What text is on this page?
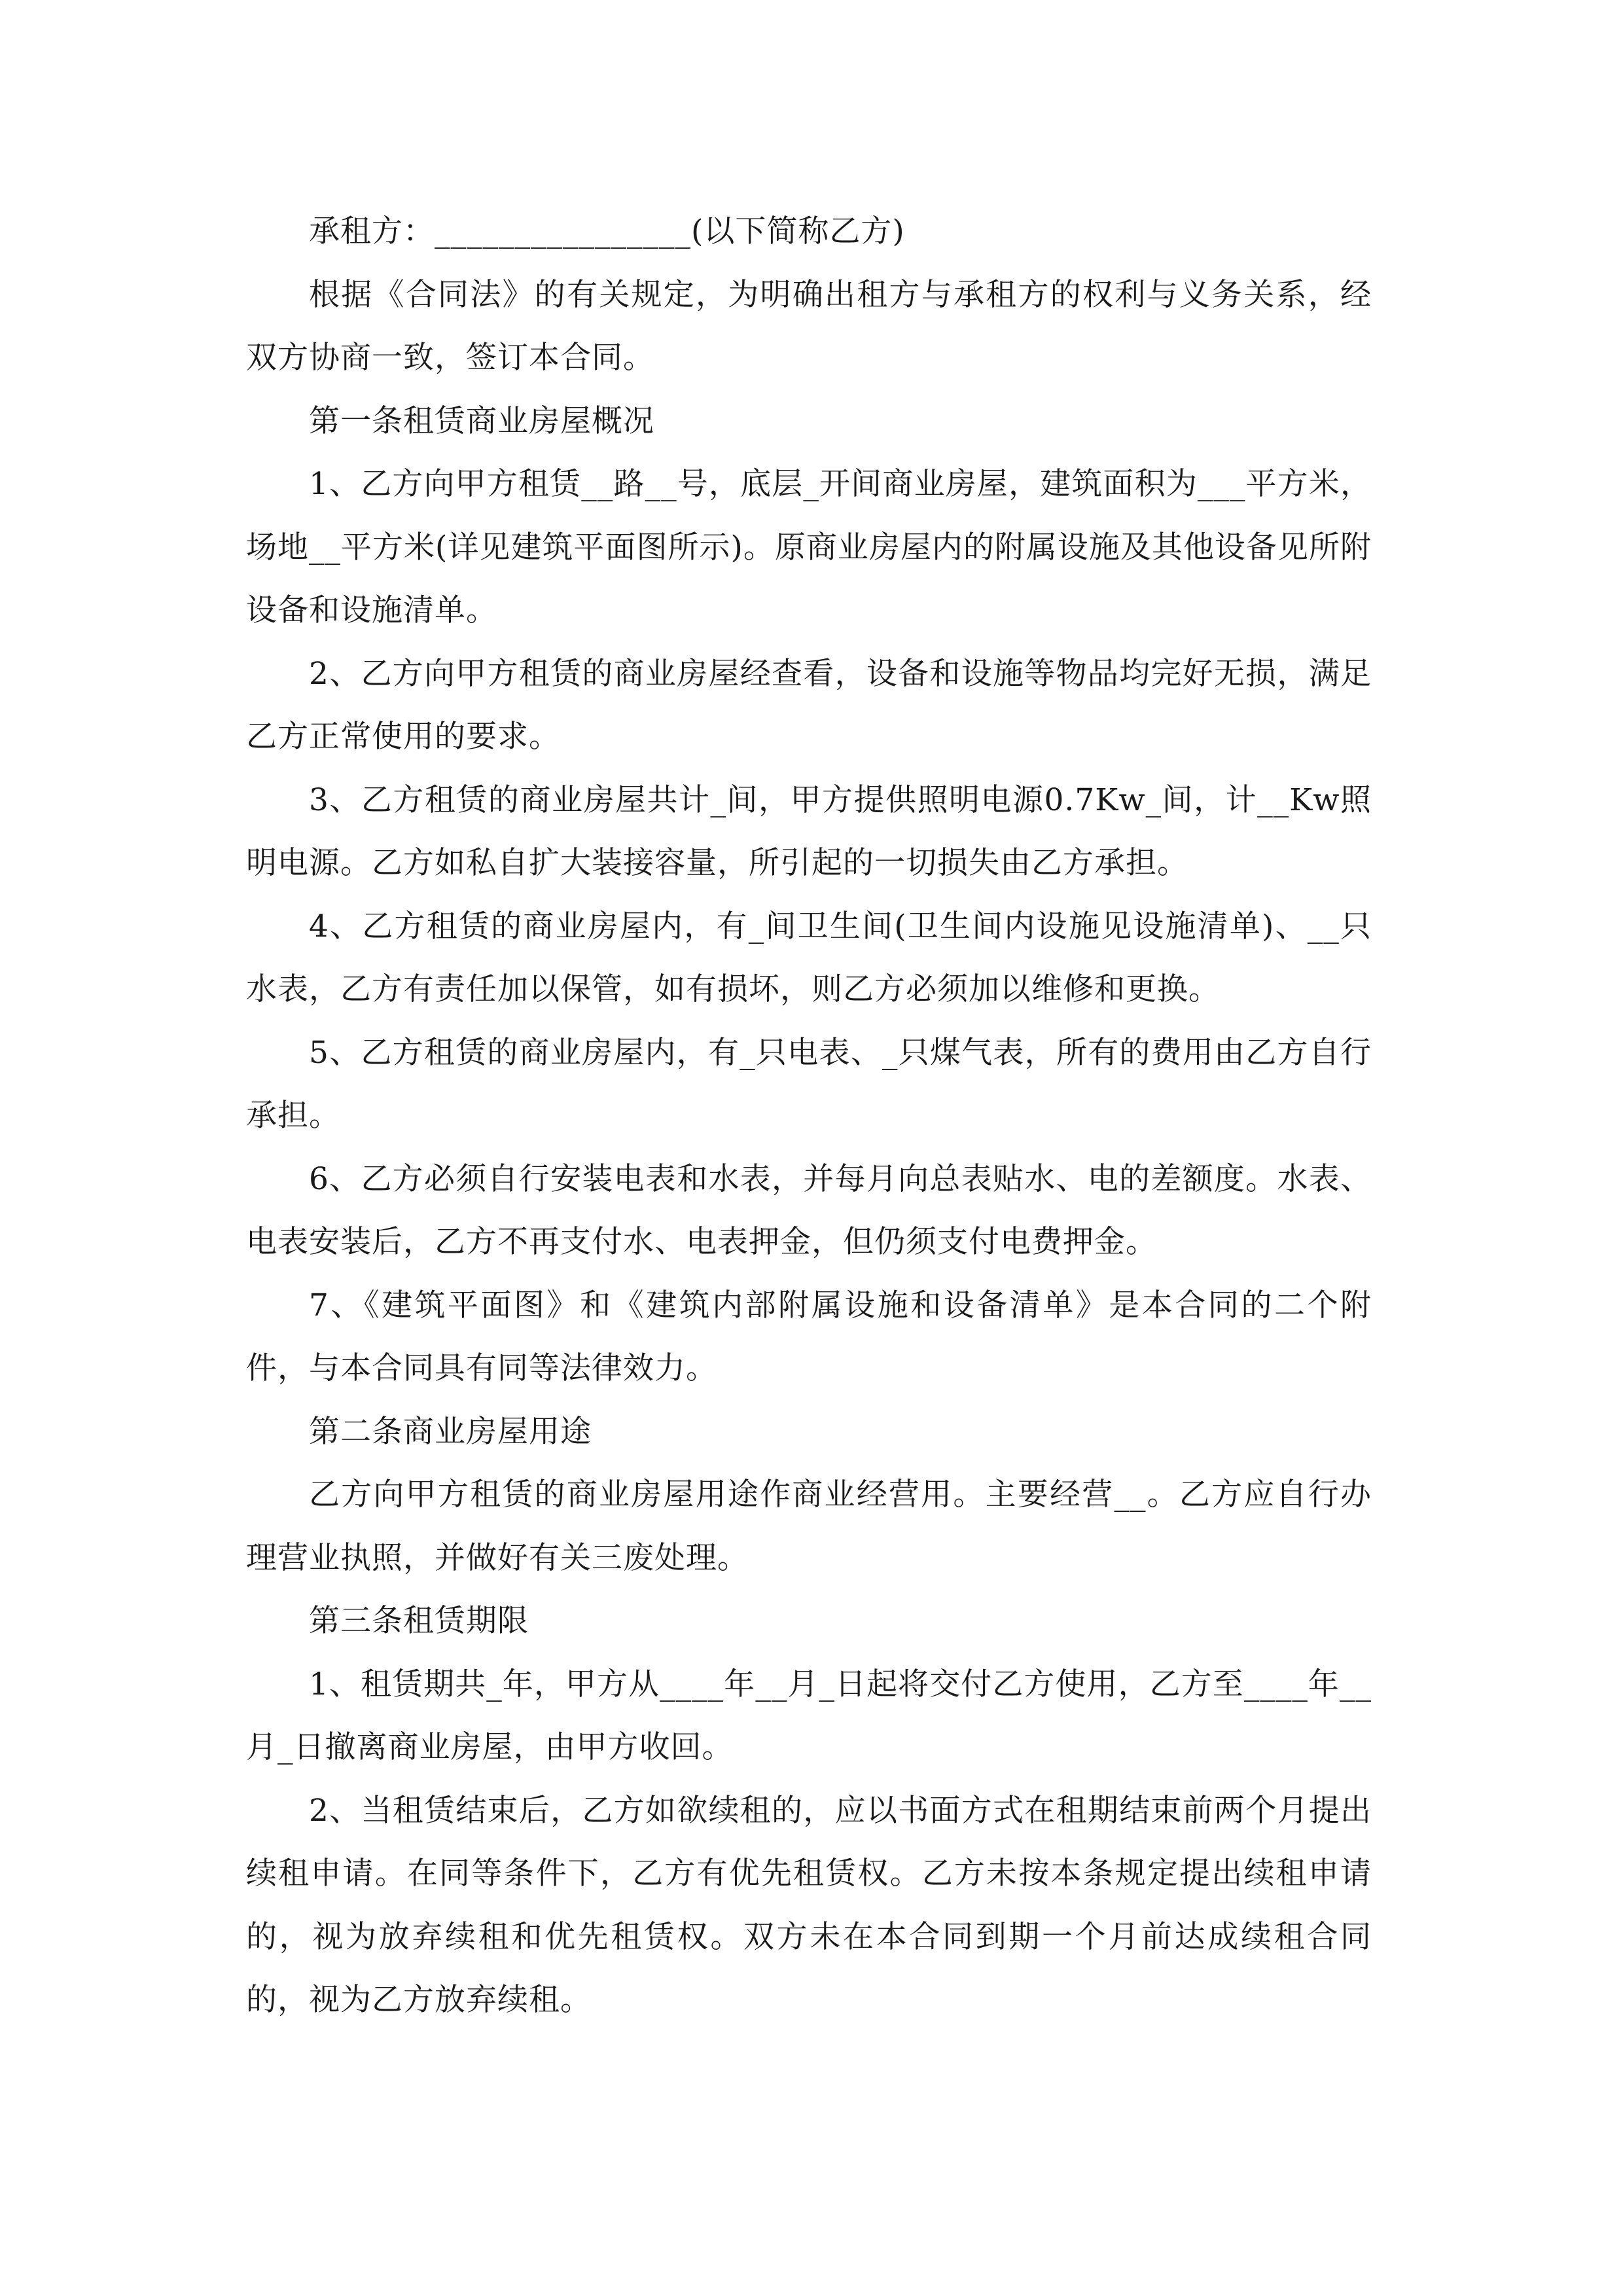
承租方：________________(以下简称乙方)

根据《合同法》的有关规定，为明确出租方与承租方的权利与义务关系，经双方协商一致，签订本合同。

第一条租赁商业房屋概况

1、乙方向甲方租赁__路__号，底层_开间商业房屋，建筑面积为___平方米，场地__平方米(详见建筑平面图所示)。原商业房屋内的附属设施及其他设备见所附设备和设施清单。

2、乙方向甲方租赁的商业房屋经查看，设备和设施等物品均完好无损，满足乙方正常使用的要求。

3、乙方租赁的商业房屋共计_间，甲方提供照明电源0.7Kw_间，计__Kw照明电源。乙方如私自扩大装接容量，所引起的一切损失由乙方承担。

4、乙方租赁的商业房屋内，有_间卫生间(卫生间内设施见设施清单)、__只水表，乙方有责任加以保管，如有损坏，则乙方必须加以维修和更换。

5、乙方租赁的商业房屋内，有_只电表、_只煤气表，所有的费用由乙方自行承担。

6、乙方必须自行安装电表和水表，并每月向总表贴水、电的差额度。水表、电表安装后，乙方不再支付水、电表押金，但仍须支付电费押金。

7、《建筑平面图》和《建筑内部附属设施和设备清单》是本合同的二个附件，与本合同具有同等法律效力。

第二条商业房屋用途

乙方向甲方租赁的商业房屋用途作商业经营用。主要经营__。乙方应自行办理营业执照，并做好有关三废处理。

第三条租赁期限

1、租赁期共_年，甲方从____年__月_日起将交付乙方使用，乙方至____年__月_日撤离商业房屋，由甲方收回。

2、当租赁结束后，乙方如欲续租的，应以书面方式在租期结束前两个月提出续租申请。在同等条件下，乙方有优先租赁权。乙方未按本条规定提出续租申请的，视为放弃续租和优先租赁权。双方未在本合同到期一个月前达成续租合同的，视为乙方放弃续租。
